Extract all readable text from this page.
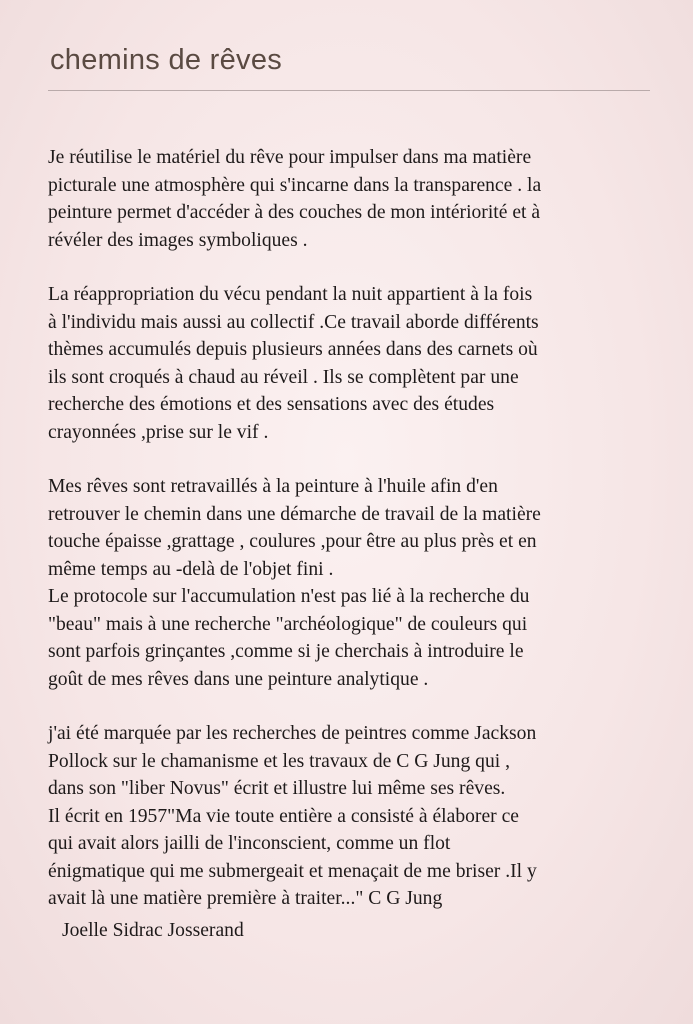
chemins de rêves

Je réutilise le matériel du rêve pour impulser dans ma matière
picturale une atmosphère qui s'incarne dans la transparence . la
peinture permet d'accéder à des couches de mon intériorité et à
révéler des images symboliques .

La réappropriation du vécu pendant la nuit appartient à la fois
à l'individu mais aussi au collectif .Ce travail aborde différents
thèmes accumulés depuis plusieurs années dans des carnets où
ils sont croqués à chaud au réveil . Ils se complètent par une
recherche des émotions et des sensations avec des études
crayonnées ,prise sur le vif .

Mes rêves sont retravaillés à la peinture à l'huile afin d'en
retrouver le chemin dans une démarche de travail de la matière
touche épaisse ,grattage , coulures ,pour être au plus près et en
même temps au -delà de l'objet fini .
Le protocole sur l'accumulation n'est pas lié à la recherche du
"beau" mais à une recherche "archéologique" de couleurs qui
sont parfois grinçantes ,comme si je cherchais à introduire le
goût de mes rêves dans une peinture analytique .

j'ai été marquée par les recherches de peintres comme Jackson
Pollock sur le chamanisme et les travaux de C G Jung qui ,
dans son "liber Novus" écrit et illustre lui même ses rêves.
Il écrit en 1957"Ma vie toute entière a consisté à élaborer ce
qui avait alors jailli de l'inconscient, comme un flot
énigmatique qui me submergeait et menaçait de me briser .Il y
avait là une matière première à traiter..." C G Jung

Joelle Sidrac Josserand
